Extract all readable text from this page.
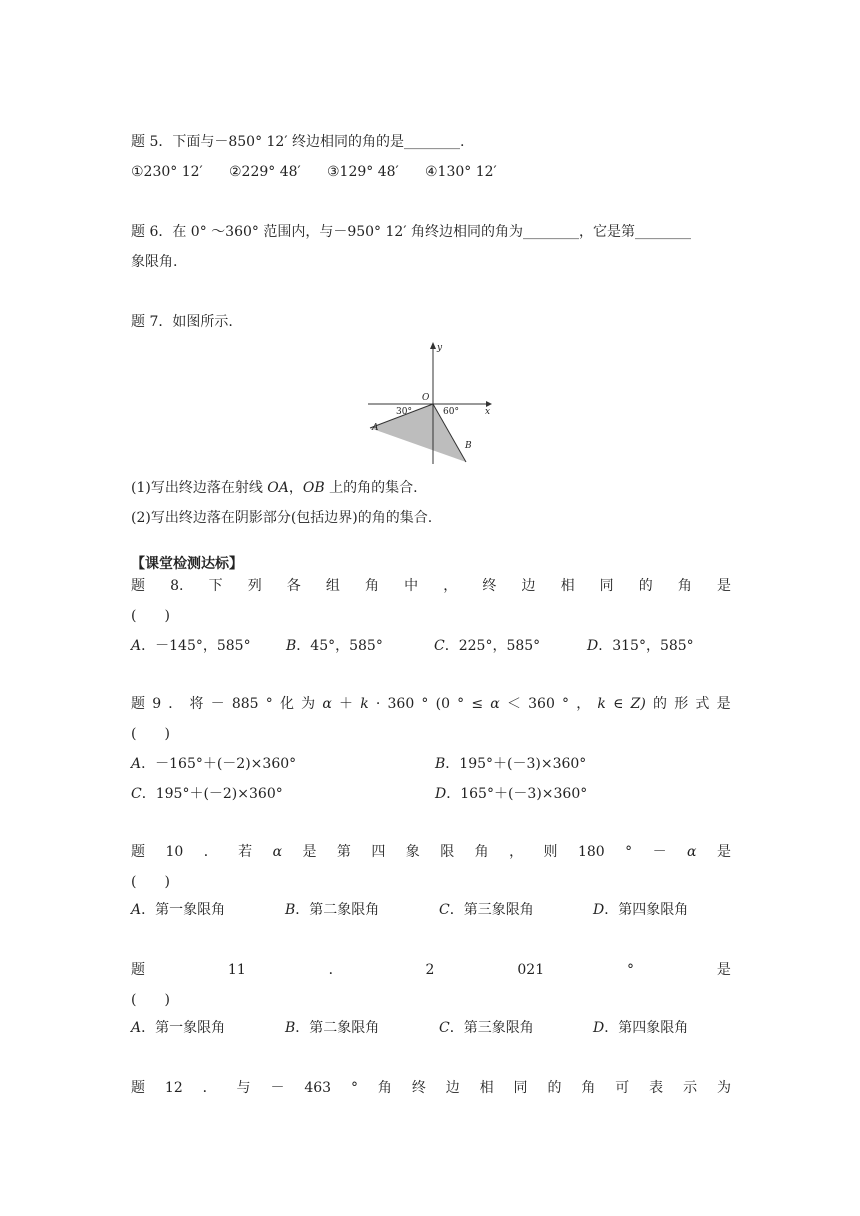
题 5．下面与－850° 12′ 终边相同的角的是________.
①230° 12′	②229° 48′	③129° 48′	④130° 12′
题 6．在 0° ～360° 范围内，与－950° 12′ 角终边相同的角为________，它是第________
象限角.
题 7．如图所示.
y
x
O
A
B
30°	60°
(1)写出终边落在射线 OA，OB 上的角的集合.
(2)写出终边落在阴影部分(包括边界)的角的集合.
【课堂检测达标】
题 8. 下 列 各 组 角 中 ， 终 边 相 同 的 角 是
(　　)
A．－145°，585°	B．45°，585°	C．225°，585°	D．315°，585°
题 9 ． 将 － 885 ° 化 为 α ＋ k · 360 ° (0 ° ≤ α ＜ 360 ° ， k ∈ Z) 的 形 式 是
(　　)
A．－165°＋(－2)×360°	B．195°＋(－3)×360°
C．195°＋(－2)×360°	D．165°＋(－3)×360°
题 10 ． 若 α 是 第 四 象 限 角 ， 则 180 ° － α 是
(　　)
A．第一象限角	B．第二象限角	C．第三象限角	D．第四象限角
题	11	．	2	021	°	是
(　　)
A．第一象限角	B．第二象限角	C．第三象限角	D．第四象限角
题 12 ． 与 － 463 ° 角 终 边 相 同 的 角 可 表 示 为
